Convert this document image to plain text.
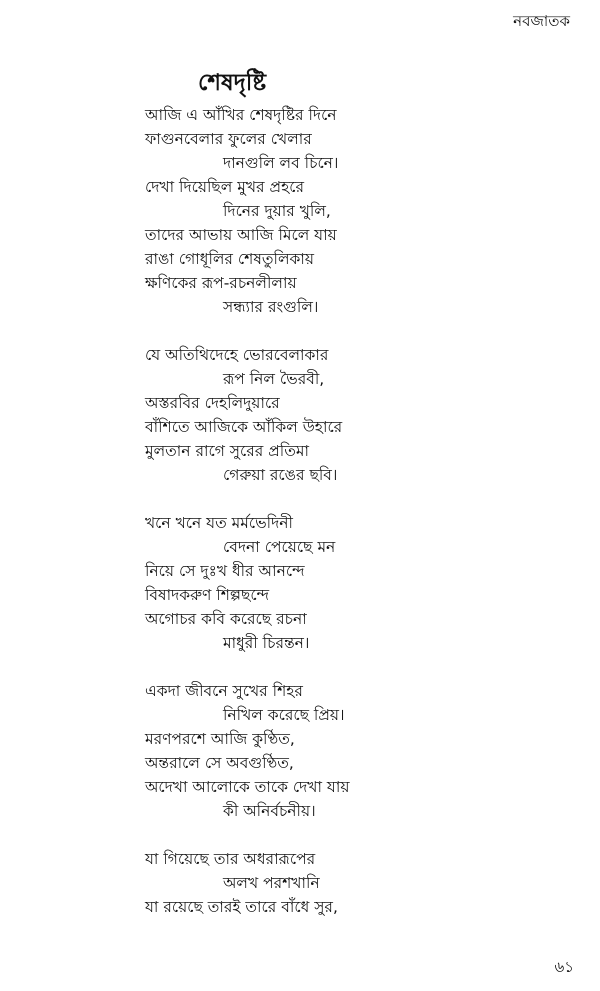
নবজাতক
শেষদৃষ্টি
আজি এ আঁখির শেষদৃষ্টির দিনে
ফাগুনবেলার ফুলের খেলার
দানগুলি লব চিনে।
দেখা দিয়েছিল মুখর প্রহরে
দিনের দুয়ার খুলি,
তাদের আভায় আজি মিলে যায়
রাঙা গোধূলির শেষতুলিকায়
ক্ষণিকের রূপ-রচনলীলায়
সন্ধ্যার রংগুলি।
যে অতিথিদেহে ভোরবেলাকার
রূপ নিল ভৈরবী,
অস্তরবির দেহলিদুয়ারে
বাঁশিতে আজিকে আঁকিল উহারে
মুলতান রাগে সুরের প্রতিমা
গেরুয়া রঙের ছবি।
খনে খনে যত মর্মভেদিনী
বেদনা পেয়েছে মন
নিয়ে সে দুঃখ ধীর আনন্দে
বিষাদকরুণ শিল্পছন্দে
অগোচর কবি করেছে রচনা
মাধুরী চিরন্তন।
একদা জীবনে সুখের শিহর
নিখিল করেছে প্রিয়।
মরণপরশে আজি কুণ্ঠিত,
অন্তরালে সে অবগুণ্ঠিত,
অদেখা আলোকে তাকে দেখা যায়
কী অনির্বচনীয়।
যা গিয়েছে তার অধরারূপের
অলখ পরশখানি
যা রয়েছে তারই তারে বাঁধে সুর,
৬১
